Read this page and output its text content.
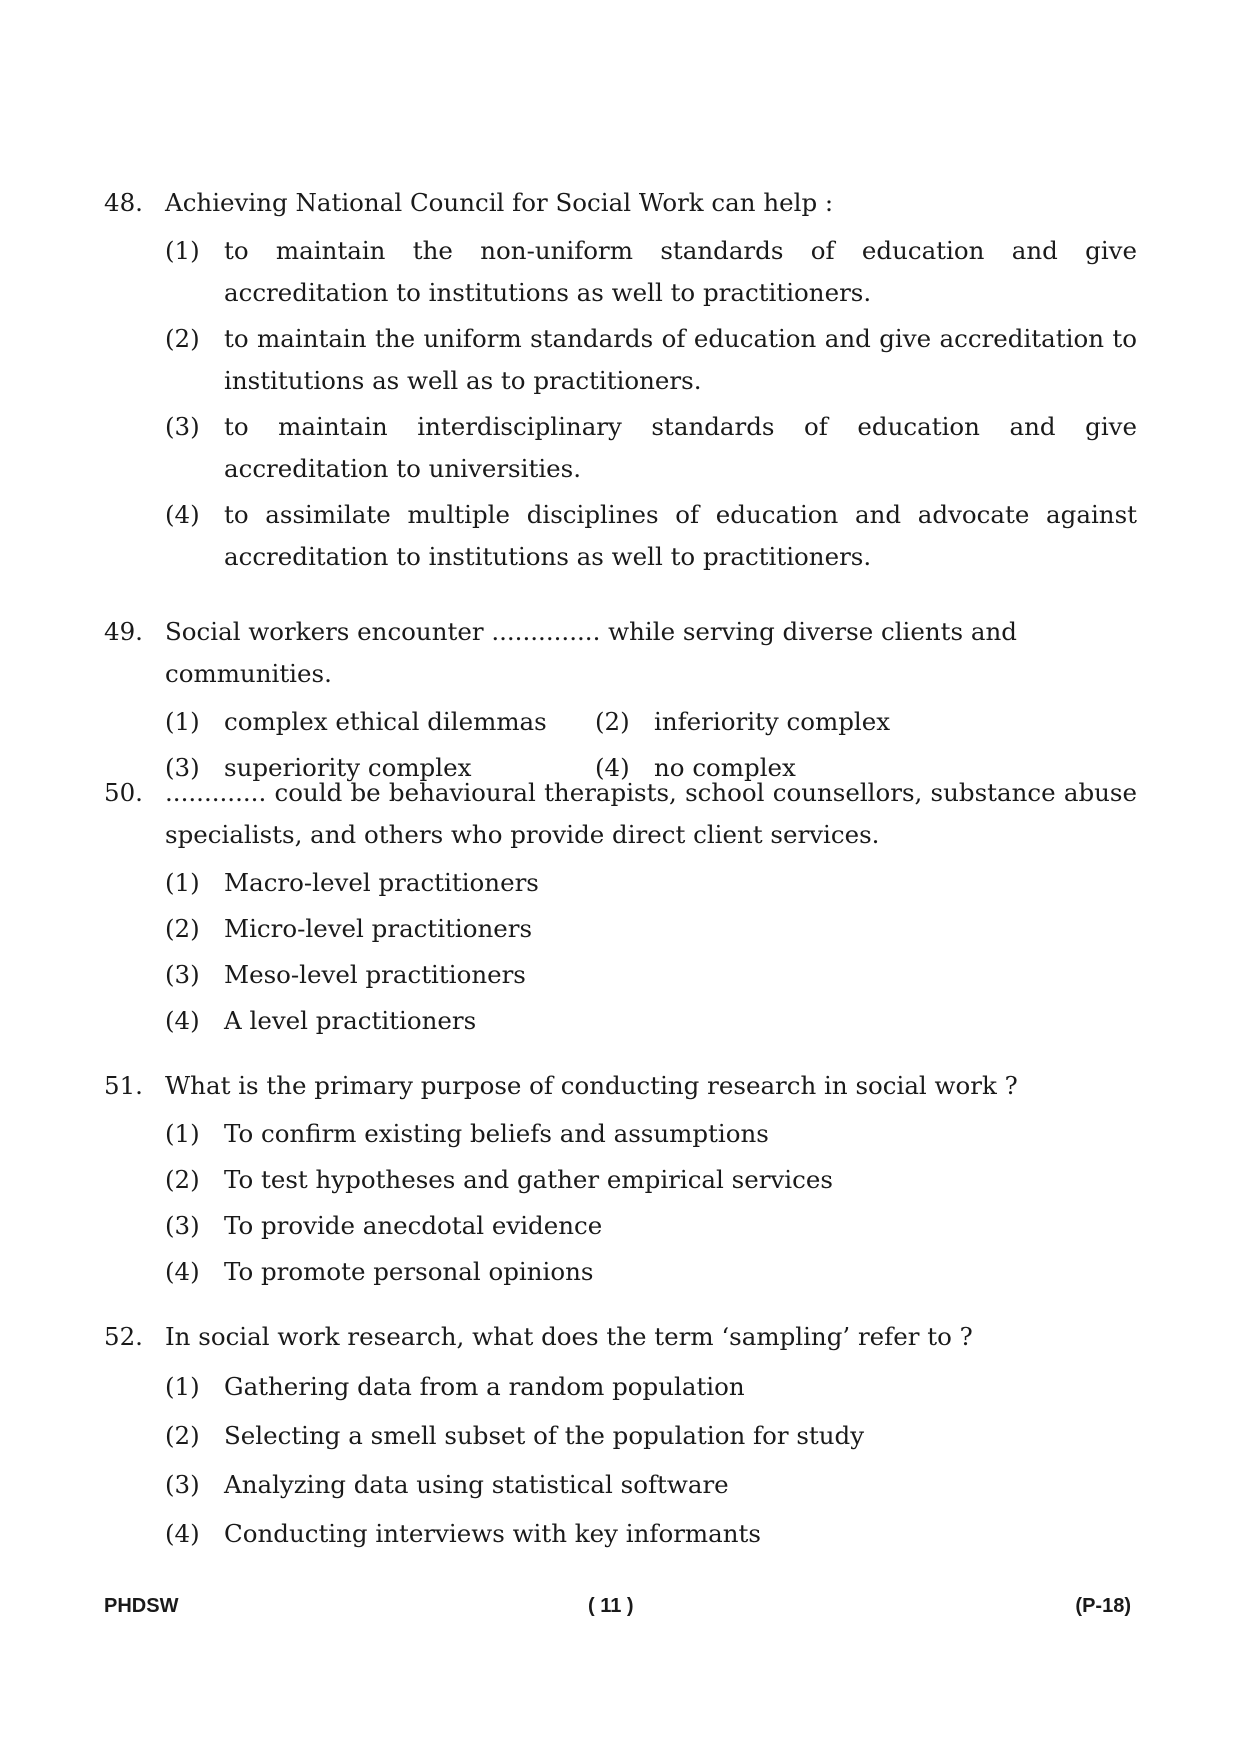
48. Achieving National Council for Social Work can help :
(1) to maintain the non-uniform standards of education and give accreditation to institutions as well to practitioners.
(2) to maintain the uniform standards of education and give accreditation to institutions as well as to practitioners.
(3) to maintain interdisciplinary standards of education and give accreditation to universities.
(4) to assimilate multiple disciplines of education and advocate against accreditation to institutions as well to practitioners.
49. Social workers encounter .............. while serving diverse clients and communities.
(1) complex ethical dilemmas (2) inferiority complex
(3) superiority complex	(4) no complex
50. ............. could be behavioural therapists, school counsellors, substance abuse specialists, and others who provide direct client services.
(1) Macro-level practitioners
(2) Micro-level practitioners
(3) Meso-level practitioners
(4) A level practitioners
51. What is the primary purpose of conducting research in social work ?
(1) To confirm existing beliefs and assumptions
(2) To test hypotheses and gather empirical services
(3) To provide anecdotal evidence
(4) To promote personal opinions
52. In social work research, what does the term ‘sampling’ refer to ?
(1) Gathering data from a random population
(2) Selecting a smell subset of the population for study
(3) Analyzing data using statistical software
(4) Conducting interviews with key informants
PHDSW	( 11 )	(P-18)
